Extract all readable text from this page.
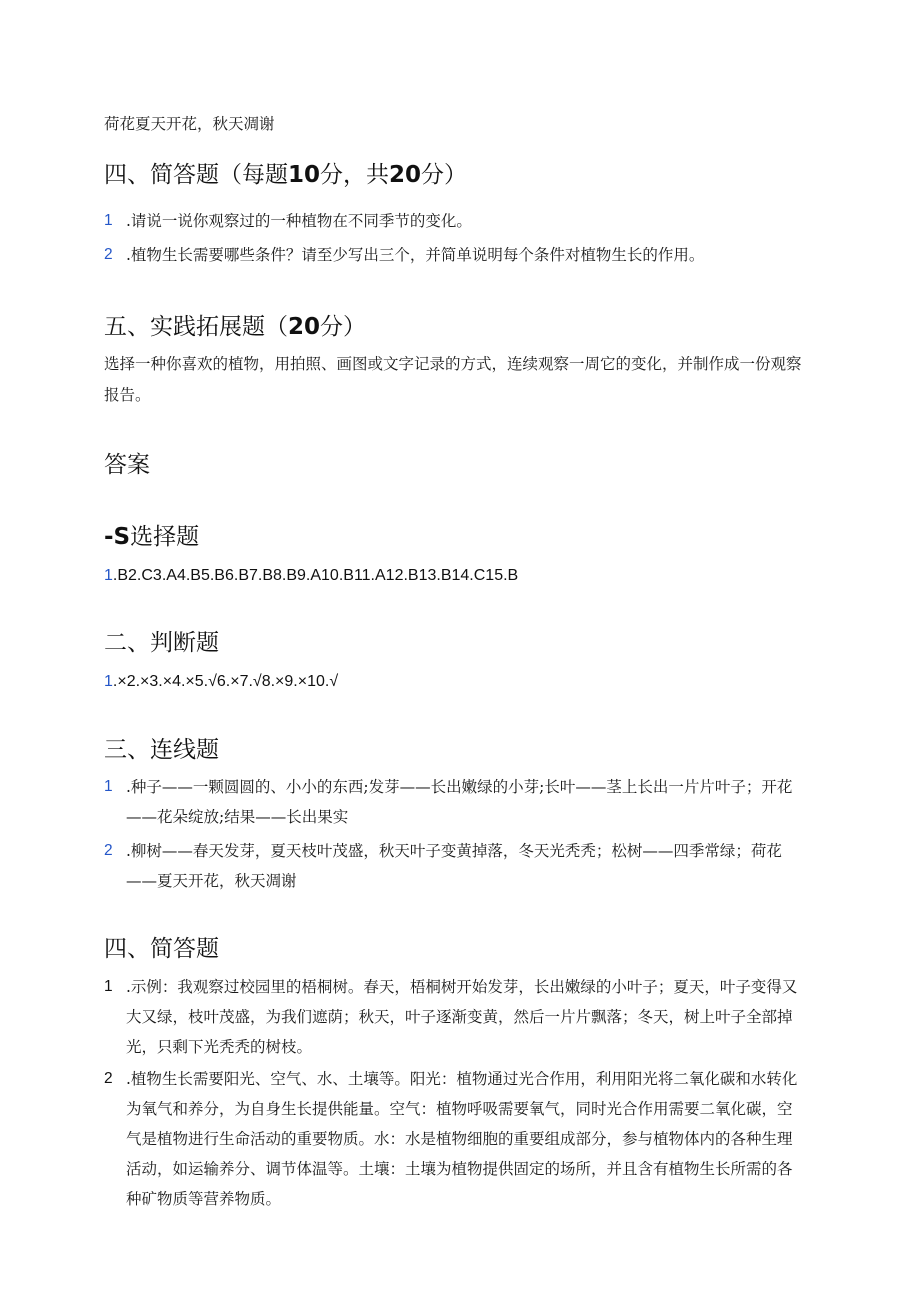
荷花夏天开花，秋天凋谢
四、简答题（每题10分，共20分）
1 .请说一说你观察过的一种植物在不同季节的变化。
2 .植物生长需要哪些条件？请至少写出三个，并简单说明每个条件对植物生长的作用。
五、实践拓展题（20分）
选择一种你喜欢的植物，用拍照、画图或文字记录的方式，连续观察一周它的变化，并制作成一份观察报告。
答案
-S选择题
1.B2.C3.A4.B5.B6.B7.B8.B9.A10.B11.A12.B13.B14.C15.B
二、判断题
1.×2.×3.×4.×5.√6.×7.√8.×9.×10.√
三、连线题
1 .种子——一颗圆圆的、小小的东西;发芽——长出嫩绿的小芽;长叶——茎上长出一片片叶子；开花——花朵绽放;结果——长出果实
2 .柳树——春天发芽，夏天枝叶茂盛，秋天叶子变黄掉落，冬天光秃秃；松树——四季常绿；荷花——夏天开花，秋天凋谢
四、简答题
1 .示例：我观察过校园里的梧桐树。春天，梧桐树开始发芽，长出嫩绿的小叶子；夏天，叶子变得又大又绿，枝叶茂盛，为我们遮荫；秋天，叶子逐渐变黄，然后一片片飘落；冬天，树上叶子全部掉光，只剩下光秃秃的树枝。
2 .植物生长需要阳光、空气、水、土壤等。阳光：植物通过光合作用，利用阳光将二氧化碳和水转化为氧气和养分，为自身生长提供能量。空气：植物呼吸需要氧气，同时光合作用需要二氧化碳，空气是植物进行生命活动的重要物质。水：水是植物细胞的重要组成部分，参与植物体内的各种生理活动，如运输养分、调节体温等。土壤：土壤为植物提供固定的场所，并且含有植物生长所需的各种矿物质等营养物质。
